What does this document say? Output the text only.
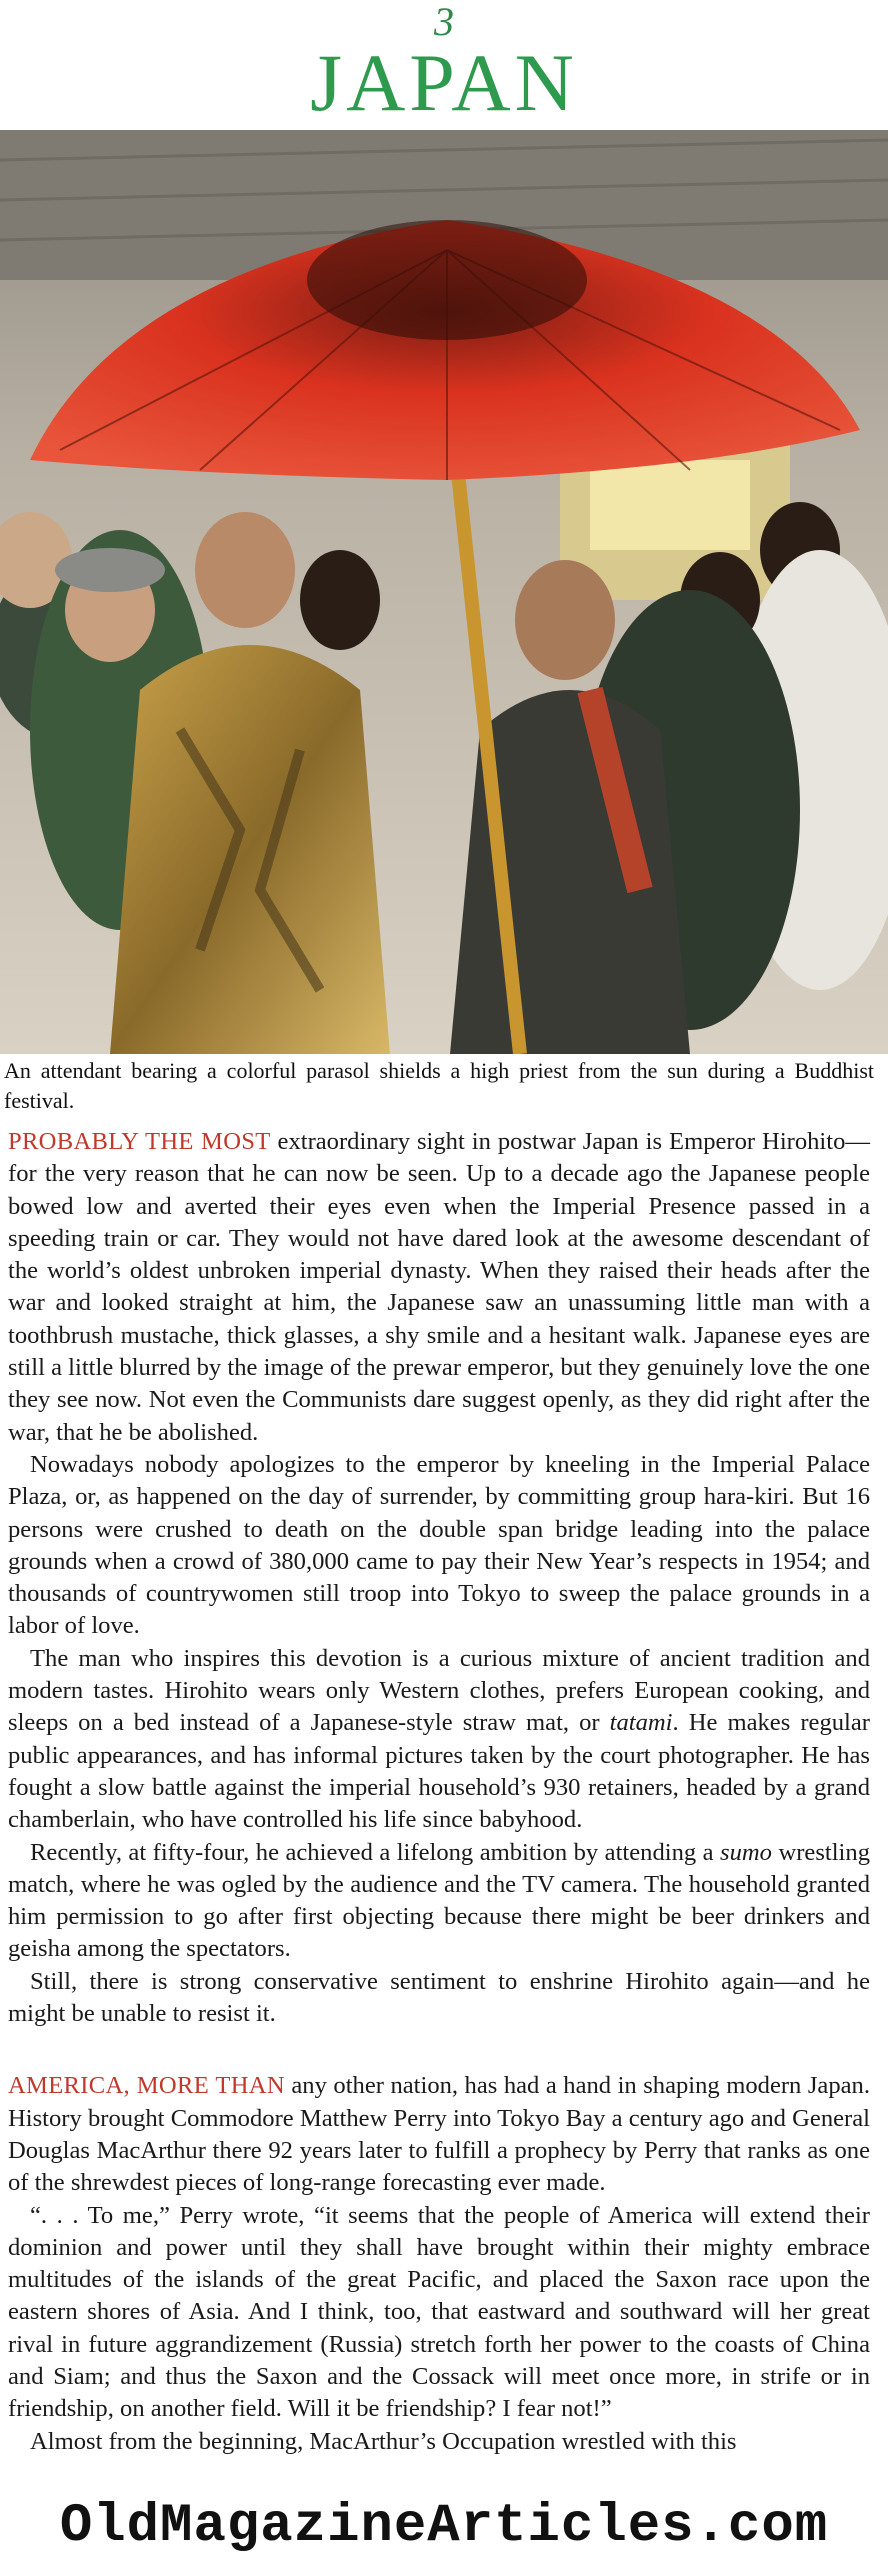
3
JAPAN
An attendant bearing a colorful parasol shields a high priest from the sun during a Buddhist festival.

PROBABLY THE MOST extraordinary sight in postwar Japan is Emperor Hirohito—for the very reason that he can now be seen. Up to a decade ago the Japanese people bowed low and averted their eyes even when the Imperial Presence passed in a speeding train or car. They would not have dared look at the awesome descendant of the world’s oldest unbroken imperial dynasty. When they raised their heads after the war and looked straight at him, the Japanese saw an unassuming little man with a toothbrush mustache, thick glasses, a shy smile and a hesitant walk. Japanese eyes are still a little blurred by the image of the prewar emperor, but they genuinely love the one they see now. Not even the Communists dare suggest openly, as they did right after the war, that he be abolished.

Nowadays nobody apologizes to the emperor by kneeling in the Imperial Palace Plaza, or, as happened on the day of surrender, by committing group hara-kiri. But 16 persons were crushed to death on the double span bridge leading into the palace grounds when a crowd of 380,000 came to pay their New Year’s respects in 1954; and thousands of countrywomen still troop into Tokyo to sweep the palace grounds in a labor of love.

The man who inspires this devotion is a curious mixture of ancient tradition and modern tastes. Hirohito wears only Western clothes, prefers European cooking, and sleeps on a bed instead of a Japanese-style straw mat, or tatami. He makes regular public appearances, and has informal pictures taken by the court photographer. He has fought a slow battle against the imperial household’s 930 retainers, headed by a grand chamberlain, who have controlled his life since babyhood.

Recently, at fifty-four, he achieved a lifelong ambition by attending a sumo wrestling match, where he was ogled by the audience and the TV camera. The household granted him permission to go after first objecting because there might be beer drinkers and geisha among the spectators.

Still, there is strong conservative sentiment to enshrine Hirohito again—and he might be unable to resist it.

AMERICA, MORE THAN any other nation, has had a hand in shaping modern Japan. History brought Commodore Matthew Perry into Tokyo Bay a century ago and General Douglas MacArthur there 92 years later to fulfill a prophecy by Perry that ranks as one of the shrewdest pieces of long-range forecasting ever made.

“. . . To me,” Perry wrote, “it seems that the people of America will extend their dominion and power until they shall have brought within their mighty embrace multitudes of the islands of the great Pacific, and placed the Saxon race upon the eastern shores of Asia. And I think, too, that eastward and southward will her great rival in future aggrandizement (Russia) stretch forth her power to the coasts of China and Siam; and thus the Saxon and the Cossack will meet once more, in strife or in friendship, on another field. Will it be friendship? I fear not!”

Almost from the beginning, MacArthur’s Occupation wrestled with this

OldMagazineArticles.com
